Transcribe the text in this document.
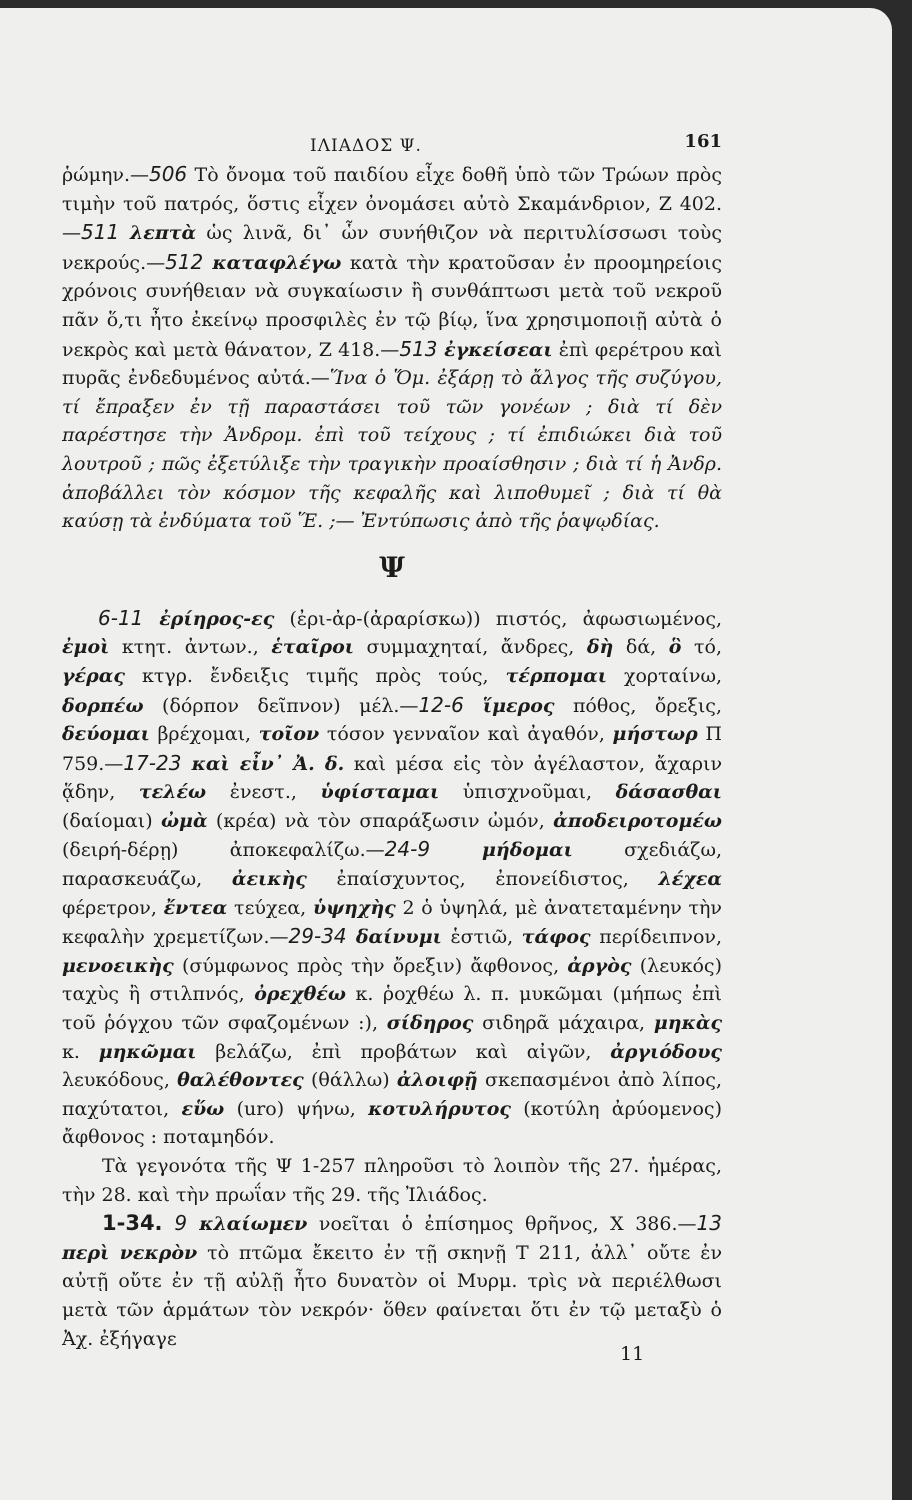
ΙΛΙΑΔΟΣ Ψ.	161

ῥώμην.—506 Τὸ ὄνομα τοῦ παιδίου εἶχε δοθῆ ὑπὸ τῶν Τρώων πρὸς τιμὴν τοῦ πατρός, ὅστις εἶχεν ὀνομάσει αὐτὸ Σκαμάνδριον, Ζ 402.—511 λεπτὰ ὡς λινᾶ, δι᾽ ὧν συνήθιζον νὰ περιτυλίσσωσι τοὺς νεκρούς.—512 καταφλέγω κατὰ τὴν κρατοῦσαν ἐν προομηρείοις χρόνοις συνήθειαν νὰ συγκαίωσιν ἢ συνθάπτωσι μετὰ τοῦ νεκροῦ πᾶν ὅ,τι ἦτο ἐκείνῳ προσφιλὲς ἐν τῷ βίῳ, ἵνα χρησιμοποιῇ αὐτὰ ὁ νεκρὸς καὶ μετὰ θάνατον, Ζ 418.—513 ἐγκείσεαι ἐπὶ φερέτρου καὶ πυρᾶς ἐνδεδυμένος αὐτά.—Ἵνα ὁ Ὅμ. ἐξάρῃ τὸ ἄλγος τῆς συζύγου, τί ἔπραξεν ἐν τῇ παραστάσει τοῦ τῶν γονέων ; διὰ τί δὲν παρέστησε τὴν Ἀνδρομ. ἐπὶ τοῦ τείχους ; τί ἐπιδιώκει διὰ τοῦ λουτροῦ ; πῶς ἐξετύλιξε τὴν τραγικὴν προαίσθησιν ; διὰ τί ἡ Ἀνδρ. ἀποβάλλει τὸν κόσμον τῆς κεφαλῆς καὶ λιποθυμεῖ ; διὰ τί θὰ καύσῃ τὰ ἐνδύματα τοῦ Ἕ. ;— Ἐντύπωσις ἀπὸ τῆς ῥαψῳδίας.

Ψ

6-11 ἐρίηρος-ες (ἐρι-ἀρ-(ἀραρίσκω)) πιστός, ἀφωσιωμένος, ἐμοὶ κτητ. ἀντων., ἑταῖροι συμμαχηταί, ἄνδρες, δὴ δά, ὃ τό, γέρας κτγρ. ἔνδειξις τιμῆς πρὸς τούς, τέρπομαι χορταίνω, δορπέω (δόρπον δεῖπνον) μέλ.—12-6 ἵμερος πόθος, ὄρεξις, δεύομαι βρέχομαι, τοῖον τόσον γενναῖον καὶ ἀγαθόν, μήστωρ Π 759.—17-23 καὶ εἶν᾽ Ἀ. δ. καὶ μέσα εἰς τὸν ἀγέλαστον, ἄχαριν ᾅδην, τελέω ἐνεστ., ὑφίσταμαι ὑπισχνοῦμαι, δάσασθαι (δαίομαι) ὠμὰ (κρέα) νὰ τὸν σπαράξωσιν ὠμόν, ἀποδειροτομέω (δειρή-δέρῃ) ἀποκεφαλίζω.—24-9 μήδομαι σχεδιάζω, παρασκευάζω, ἀεικὴς ἐπαίσχυντος, ἐπονείδιστος, λέχεα φέρετρον, ἔντεα τεύχεα, ὑψηχὴς 2 ὁ ὑψηλά, μὲ ἀνατεταμένην τὴν κεφαλὴν χρεμετίζων.—29-34 δαίνυμι ἑστιῶ, τάφος περίδειπνον, μενοεικὴς (σύμφωνος πρὸς τὴν ὄρεξιν) ἄφθονος, ἀργὸς (λευκός) ταχὺς ἢ στιλπνός, ὀρεχθέω κ. ῥοχθέω λ. π. μυκῶμαι (μήπως ἐπὶ τοῦ ῥόγχου τῶν σφαζομένων :), σίδηρος σιδηρᾶ μάχαιρα, μηκὰς κ. μηκῶμαι βελάζω, ἐπὶ προβάτων καὶ αἰγῶν, ἀργιόδους λευκόδους, θαλέθοντες (θάλλω) ἀλοιφῇ σκεπασμένοι ἀπὸ λίπος, παχύτατοι, εὕω (uro) ψήνω, κοτυλήρυτος (κοτύλη ἀρύομενος) ἄφθονος : ποταμηδόν.

Τὰ γεγονότα τῆς Ψ 1-257 πληροῦσι τὸ λοιπὸν τῆς 27. ἡμέρας, τὴν 28. καὶ τὴν πρωΐαν τῆς 29. τῆς Ἰλιάδος.

1-34. 9 κλαίωμεν νοεῖται ὁ ἐπίσημος θρῆνος, Χ 386.—13 περὶ νεκρὸν τὸ πτῶμα ἔκειτο ἐν τῇ σκηνῇ Τ 211, ἀλλ᾽ οὔτε ἐν αὐτῇ οὔτε ἐν τῇ αὐλῇ ἦτο δυνατὸν οἱ Μυρμ. τρὶς νὰ περιέλθωσι μετὰ τῶν ἁρμάτων τὸν νεκρόν· ὅθεν φαίνεται ὅτι ἐν τῷ μεταξὺ ὁ Ἀχ. ἐξήγαγε

11
